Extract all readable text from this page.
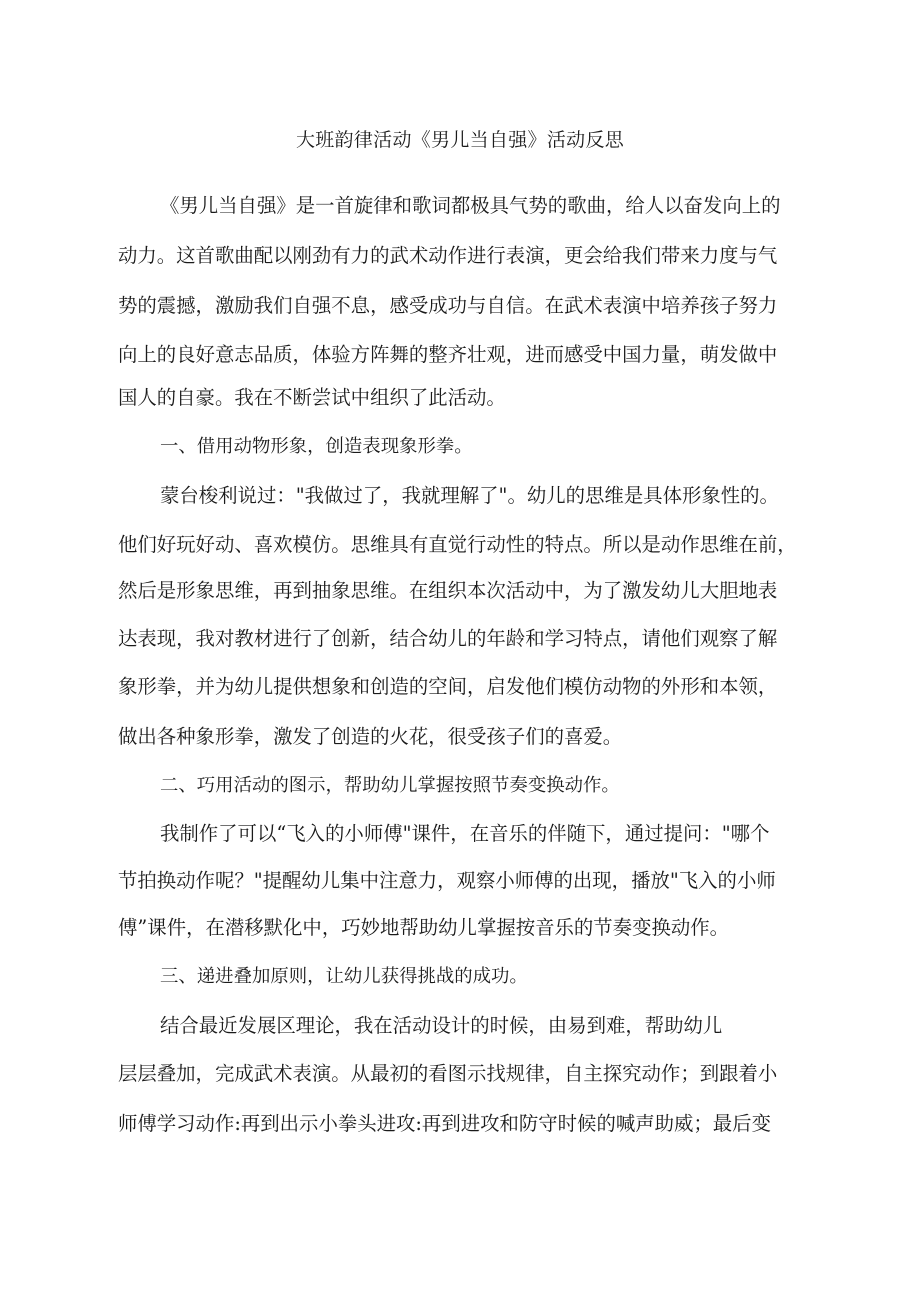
大班韵律活动《男儿当自强》活动反思

《男儿当自强》是一首旋律和歌词都极具气势的歌曲，给人以奋发向上的

动力。这首歌曲配以刚劲有力的武术动作进行表演，更会给我们带来力度与气

势的震撼，激励我们自强不息，感受成功与自信。在武术表演中培养孩子努力

向上的良好意志品质，体验方阵舞的整齐壮观，进而感受中国力量，萌发做中

国人的自豪。我在不断尝试中组织了此活动。

一、借用动物形象，创造表现象形拳。

蒙台梭利说过："我做过了，我就理解了"。幼儿的思维是具体形象性的。

他们好玩好动、喜欢模仿。思维具有直觉行动性的特点。所以是动作思维在前，

然后是形象思维，再到抽象思维。在组织本次活动中，为了激发幼儿大胆地表

达表现，我对教材进行了创新，结合幼儿的年龄和学习特点，请他们观察了解

象形拳，并为幼儿提供想象和创造的空间，启发他们模仿动物的外形和本领，

做出各种象形拳，激发了创造的火花，很受孩子们的喜爱。

二、巧用活动的图示，帮助幼儿掌握按照节奏变换动作。

我制作了可以“飞入的小师傅"课件，在音乐的伴随下，通过提问："哪个

节拍换动作呢？"提醒幼儿集中注意力，观察小师傅的出现，播放"飞入的小师

傅”课件，在潜移默化中，巧妙地帮助幼儿掌握按音乐的节奏变换动作。

三、递进叠加原则，让幼儿获得挑战的成功。

结合最近发展区理论，我在活动设计的时候，由易到难，帮助幼儿

层层叠加，完成武术表演。从最初的看图示找规律，自主探究动作；到跟着小

师傅学习动作:再到出示小拳头进攻:再到进攻和防守时候的喊声助威；最后变
